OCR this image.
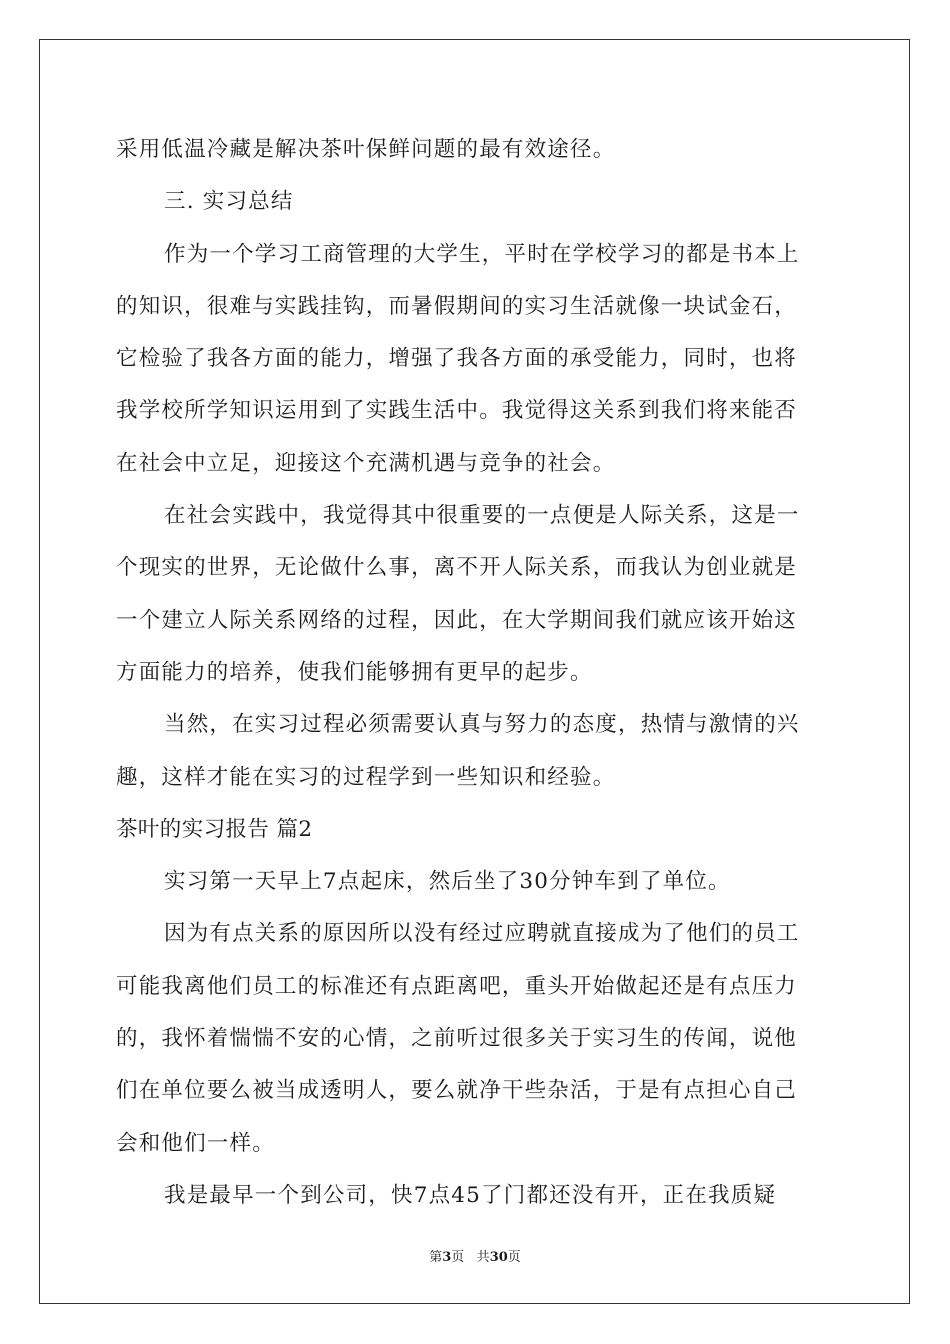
采用低温冷藏是解决茶叶保鲜问题的最有效途径。
三. 实习总结
作为一个学习工商管理的大学生，平时在学校学习的都是书本上
的知识，很难与实践挂钩，而暑假期间的实习生活就像一块试金石，
它检验了我各方面的能力，增强了我各方面的承受能力，同时，也将
我学校所学知识运用到了实践生活中。我觉得这关系到我们将来能否
在社会中立足，迎接这个充满机遇与竞争的社会。
在社会实践中，我觉得其中很重要的一点便是人际关系，这是一
个现实的世界，无论做什么事，离不开人际关系，而我认为创业就是
一个建立人际关系网络的过程，因此，在大学期间我们就应该开始这
方面能力的培养，使我们能够拥有更早的起步。
当然，在实习过程必须需要认真与努力的态度，热情与激情的兴
趣，这样才能在实习的过程学到一些知识和经验。
茶叶的实习报告 篇2
实习第一天早上7点起床，然后坐了30分钟车到了单位。
因为有点关系的原因所以没有经过应聘就直接成为了他们的员工
可能我离他们员工的标准还有点距离吧，重头开始做起还是有点压力
的，我怀着惴惴不安的心情，之前听过很多关于实习生的传闻，说他
们在单位要么被当成透明人，要么就净干些杂活，于是有点担心自己
会和他们一样。
我是最早一个到公司，快7点45了门都还没有开，正在我质疑
第3页 共30页
